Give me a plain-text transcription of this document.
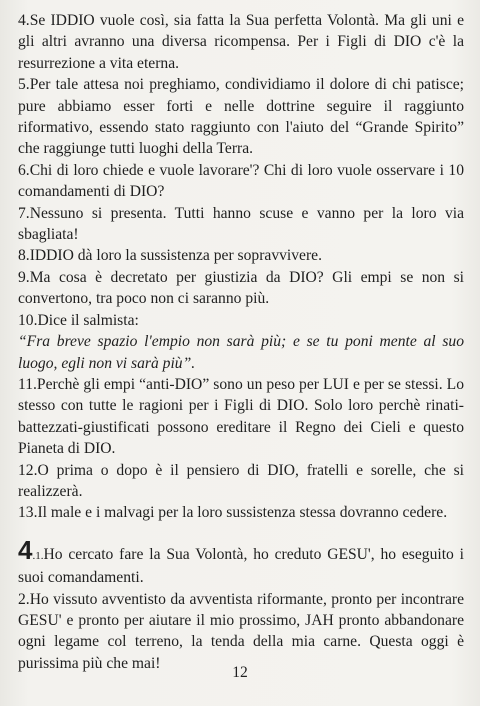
4.Se IDDIO vuole così, sia fatta la Sua perfetta Volontà. Ma gli uni e gli altri avranno una diversa ricompensa. Per i Figli di DIO c'è la resurrezione a vita eterna.

5.Per tale attesa noi preghiamo, condividiamo il dolore di chi patisce; pure abbiamo esser forti e nelle dottrine seguire il raggiunto riformativo, essendo stato raggiunto con l'aiuto del “Grande Spirito” che raggiunge tutti luoghi della Terra.

6.Chi di loro chiede e vuole lavorare'? Chi di loro vuole osservare i 10 comandamenti di DIO?

7.Nessuno si presenta. Tutti hanno scuse e vanno per la loro via sbagliata!

8.IDDIO dà loro la sussistenza per sopravvivere.

9.Ma cosa è decretato per giustizia da DIO? Gli empi se non si convertono, tra poco non ci saranno più.

10.Dice il salmista:

“Fra breve spazio l'empio non sarà più; e se tu poni mente al suo luogo, egli non vi sarà più”.

11.Perchè gli empi “anti-DIO” sono un peso per LUI e per se stessi. Lo stesso con tutte le ragioni per i Figli di DIO. Solo loro perchè rinati-battezzati-giustificati possono ereditare il Regno dei Cieli e questo Pianeta di DIO.

12.O prima o dopo è il pensiero di DIO, fratelli e sorelle, che si realizzerà.

13.Il male e i malvagi per la loro sussistenza stessa dovranno cedere.

4.1.Ho cercato fare la Sua Volontà, ho creduto GESU', ho eseguito i suoi comandamenti.

2.Ho vissuto avventisto da avventista riformante, pronto per incontrare GESU' e pronto per aiutare il mio prossimo, JAH pronto abbandonare ogni legame col terreno, la tenda della mia carne. Questa oggi è purissima più che mai!

12
